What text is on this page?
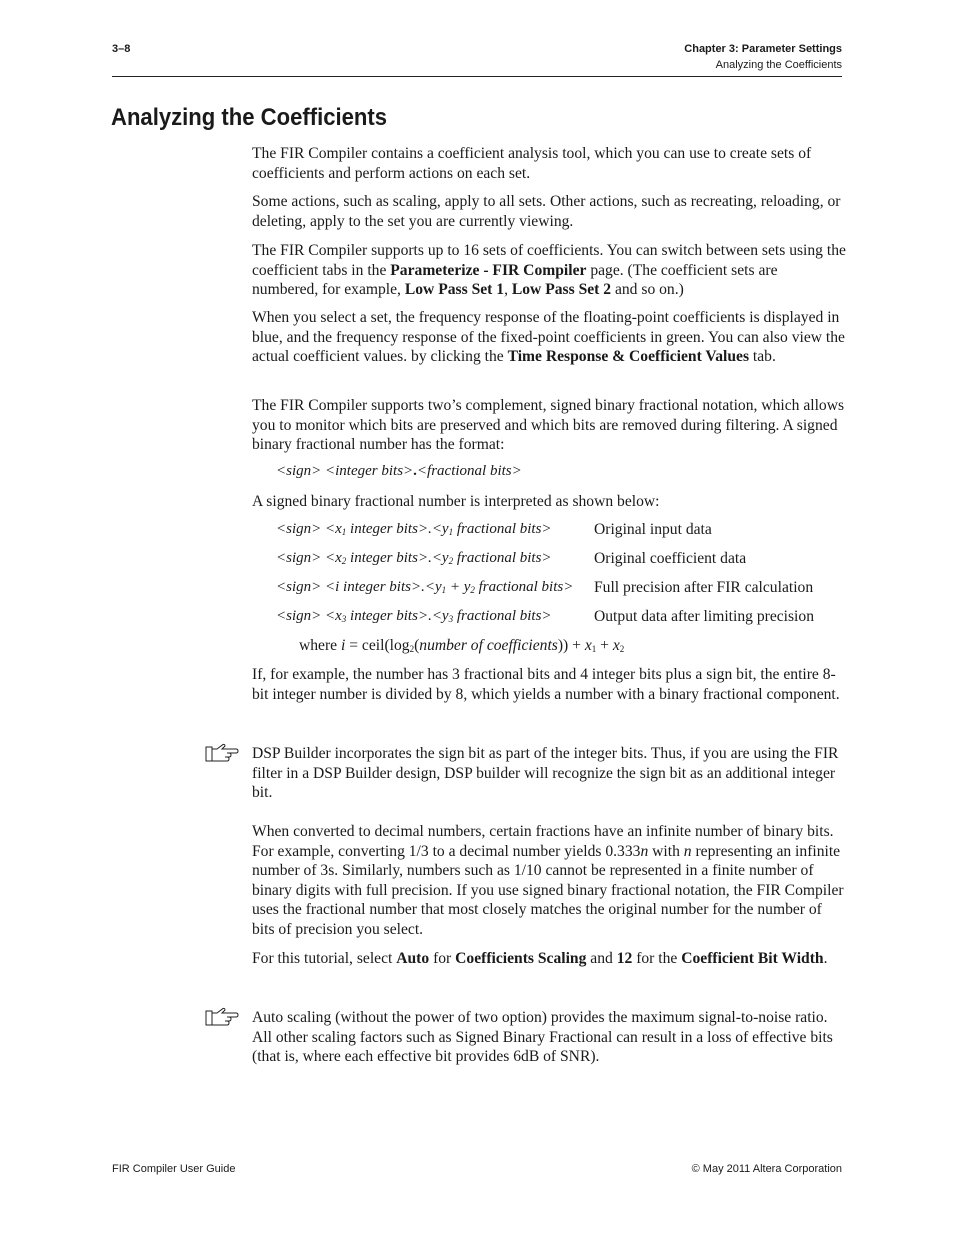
3–8	Chapter 3: Parameter Settings
Analyzing the Coefficients
Analyzing the Coefficients

The FIR Compiler contains a coefficient analysis tool, which you can use to create sets of coefficients and perform actions on each set.

Some actions, such as scaling, apply to all sets. Other actions, such as recreating, reloading, or deleting, apply to the set you are currently viewing.

The FIR Compiler supports up to 16 sets of coefficients. You can switch between sets using the coefficient tabs in the Parameterize - FIR Compiler page. (The coefficient sets are numbered, for example, Low Pass Set 1, Low Pass Set 2 and so on.)

When you select a set, the frequency response of the floating-point coefficients is displayed in blue, and the frequency response of the fixed-point coefficients in green. You can also view the actual coefficient values. by clicking the Time Response & Coefficient Values tab.

The FIR Compiler supports two’s complement, signed binary fractional notation, which allows you to monitor which bits are preserved and which bits are removed during filtering. A signed binary fractional number has the format:

<sign> <integer bits>.<fractional bits>

A signed binary fractional number is interpreted as shown below:

<sign> $<x_1$ integer $bits>.<y_1$ fractional bits>	Original input data
<sign> $<x_2$ integer $bits>.<y_2$ fractional bits>	Original coefficient data
<sign> <i integer $bits>.<y_1 + y_2$ fractional bits> Full precision after FIR calculation
<sign> $<x_3$ integer $bits>.<y_3$ fractional bits>	Output data after limiting precision
where $i = ceil(\log_2(number$ of coefficients)) + $x_1 + x_2$

If, for example, the number has 3 fractional bits and 4 integer bits plus a sign bit, the entire 8-bit integer number is divided by 8, which yields a number with a binary fractional component.

DSP Builder incorporates the sign bit as part of the integer bits. Thus, if you are using the FIR filter in a DSP Builder design, DSP builder will recognize the sign bit as an additional integer bit.

When converted to decimal numbers, certain fractions have an infinite number of binary bits. For example, converting 1/3 to a decimal number yields 0.333n with n representing an infinite number of 3s. Similarly, numbers such as 1/10 cannot be represented in a finite number of binary digits with full precision. If you use signed binary fractional notation, the FIR Compiler uses the fractional number that most closely matches the original number for the number of bits of precision you select.

For this tutorial, select Auto for Coefficients Scaling and 12 for the Coefficient Bit Width.

Auto scaling (without the power of two option) provides the maximum signal-to-noise ratio. All other scaling factors such as Signed Binary Fractional can result in a loss of effective bits (that is, where each effective bit provides 6dB of SNR).

FIR Compiler User Guide	© May 2011 Altera Corporation
